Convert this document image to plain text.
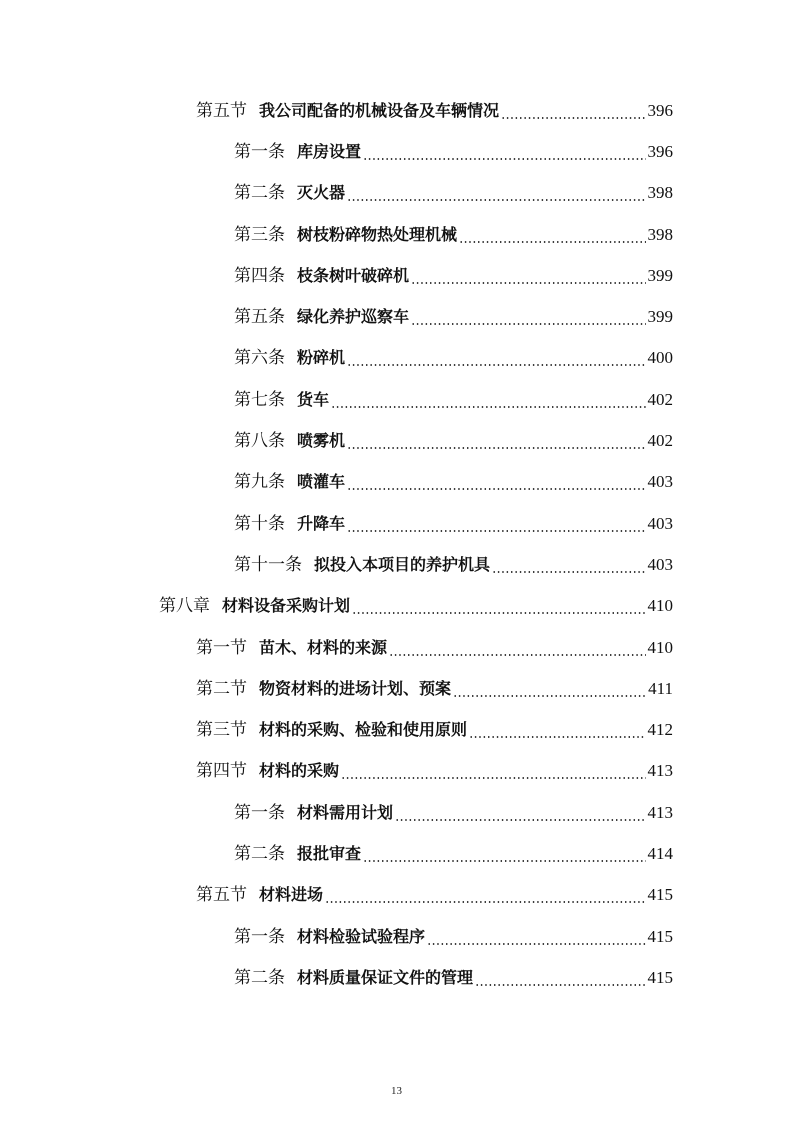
第五节 我公司配备的机械设备及车辆情况	396
第一条 库房设置	396
第二条 灭火器	398
第三条 树枝粉碎物热处理机械	398
第四条 枝条树叶破碎机	399
第五条 绿化养护巡察车	399
第六条 粉碎机	400
第七条 货车	402
第八条 喷雾机	402
第九条 喷灌车	403
第十条 升降车	403
第十一条 拟投入本项目的养护机具	403
第八章 材料设备采购计划	410
第一节 苗木、材料的来源	410
第二节 物资材料的进场计划、预案	411
第三节 材料的采购、检验和使用原则	412
第四节 材料的采购	413
第一条 材料需用计划	413
第二条 报批审查	414
第五节 材料进场	415
第一条 材料检验试验程序	415
第二条 材料质量保证文件的管理	415
13
